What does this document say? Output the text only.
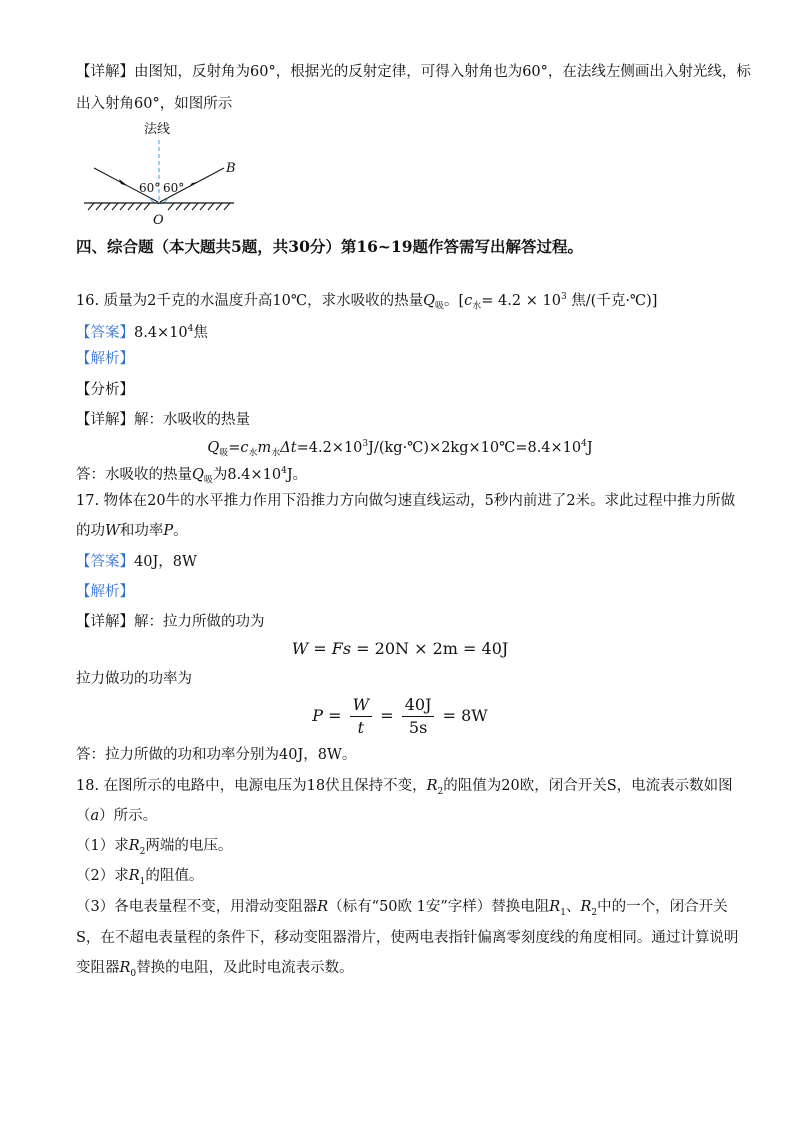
【详解】由图知，反射角为60°，根据光的反射定律，可得入射角也为60°，在法线左侧画出入射光线，标
出入射角60°，如图所示
法线
60° 60°
B
O
四、综合题（本大题共5题，共30分）第16~19题作答需写出解答过程。
16. 质量为2千克的水温度升高10℃，求水吸收的热量$Q_吸$。[$c_水= 4.2 \times 10^3$ 焦/(千克·℃)]
【答案】$8.4\times 10^4$焦
【解析】
【分析】
【详解】解：水吸收的热量
$Q_吸=c_水m_水\Delta t=4.2\times 10^3J/(kg\cdot℃)\times 2kg\times 10℃=8.4\times 10^4J$
答：水吸收的热量$Q_吸$为$8.4\times 10^4J$。
17. 物体在20牛的水平推力作用下沿推力方向做匀速直线运动，5秒内前进了2米。求此过程中推力所做
的功W和功率P。
【答案】40J，8W
【解析】
【详解】解：拉力所做的功为
W = Fs = 20N × 2m = 40J
拉力做功的功率为
$P = \frac{W}{t} = \frac{40J}{5s} = 8W$
答：拉力所做的功和功率分别为40J，8W。
18. 在图所示的电路中，电源电压为18伏且保持不变，$R_2$的阻值为20欧，闭合开关S，电流表示数如图
（a）所示。
（1）求$R_2$两端的电压。
（2）求$R_1$的阻值。
（3）各电表量程不变，用滑动变阻器R（标有“50欧 1安”字样）替换电阻$R_1$、$R_2$中的一个，闭合开关
S，在不超电表量程的条件下，移动变阻器滑片，使两电表指针偏离零刻度线的角度相同。通过计算说明
变阻器$R_0$替换的电阻，及此时电流表示数。
